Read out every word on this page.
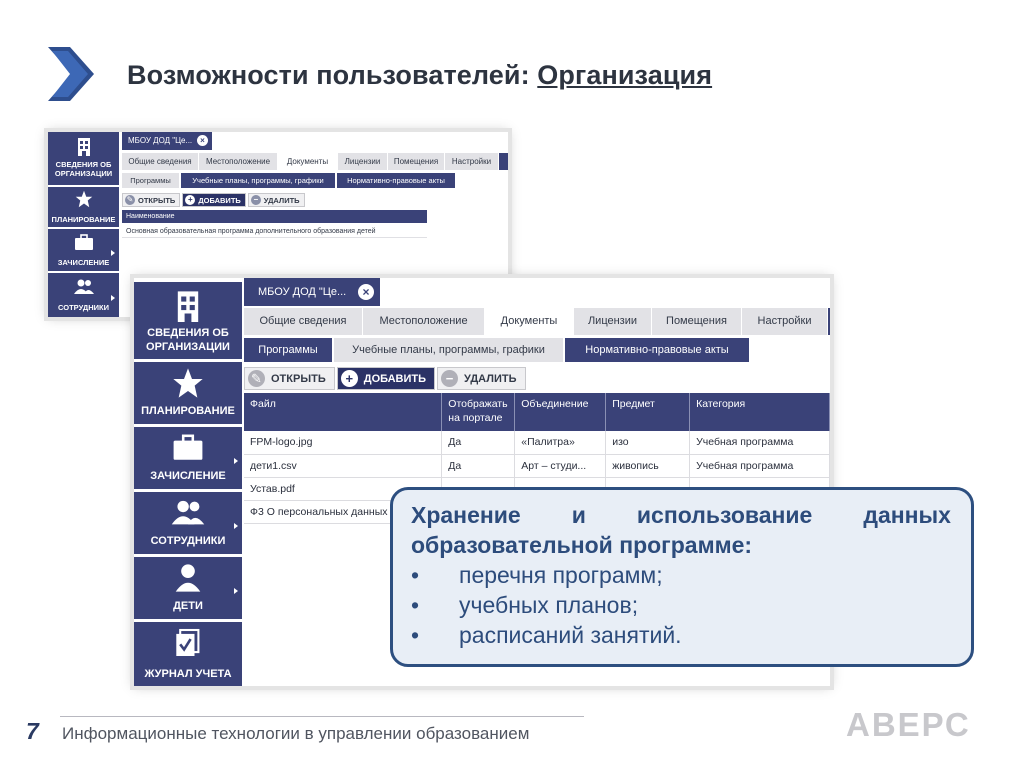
Возможности пользователей: Организация
СВЕДЕНИЯ ОБ ОРГАНИЗАЦИИ
ПЛАНИРОВАНИЕ
ЗАЧИСЛЕНИЕ
СОТРУДНИКИ
МБОУ ДОД "Це...	×
Общие сведения	Местоположение	Документы	Лицензии	Помещения	Настройки
Программы	Учебные планы, программы, графики	Нормативно-правовые акты
✎ ОТКРЫТЬ	+ ДОБАВИТЬ	− УДАЛИТЬ
Наименование
Основная образовательная программа дополнительного образования детей
СВЕДЕНИЯ ОБ ОРГАНИЗАЦИИ
ПЛАНИРОВАНИЕ
ЗАЧИСЛЕНИЕ
СОТРУДНИКИ
ДЕТИ
ЖУРНАЛ УЧЕТА
МБОУ ДОД "Це...	×
Общие сведения	Местоположение	Документы	Лицензии	Помещения	Настройки
Программы	Учебные планы, программы, графики	Нормативно-правовые акты
✎ ОТКРЫТЬ	+ ДОБАВИТЬ	− УДАЛИТЬ
Файл	Отображать на портале	Объединение	Предмет	Категория
FPM-logo.jpg	Да	«Палитра»	изо	Учебная программа
дети1.csv	Да	Арт – студи...	живопись	Учебная программа
Устав.pdf				
Ф3 О персональных данных				Хранение и использование данных
образовательной программе:
•	перечня программ;
•	учебных планов;
•	расписаний занятий.
7 Информационные технологии в управлении образованием	АВЕРС
